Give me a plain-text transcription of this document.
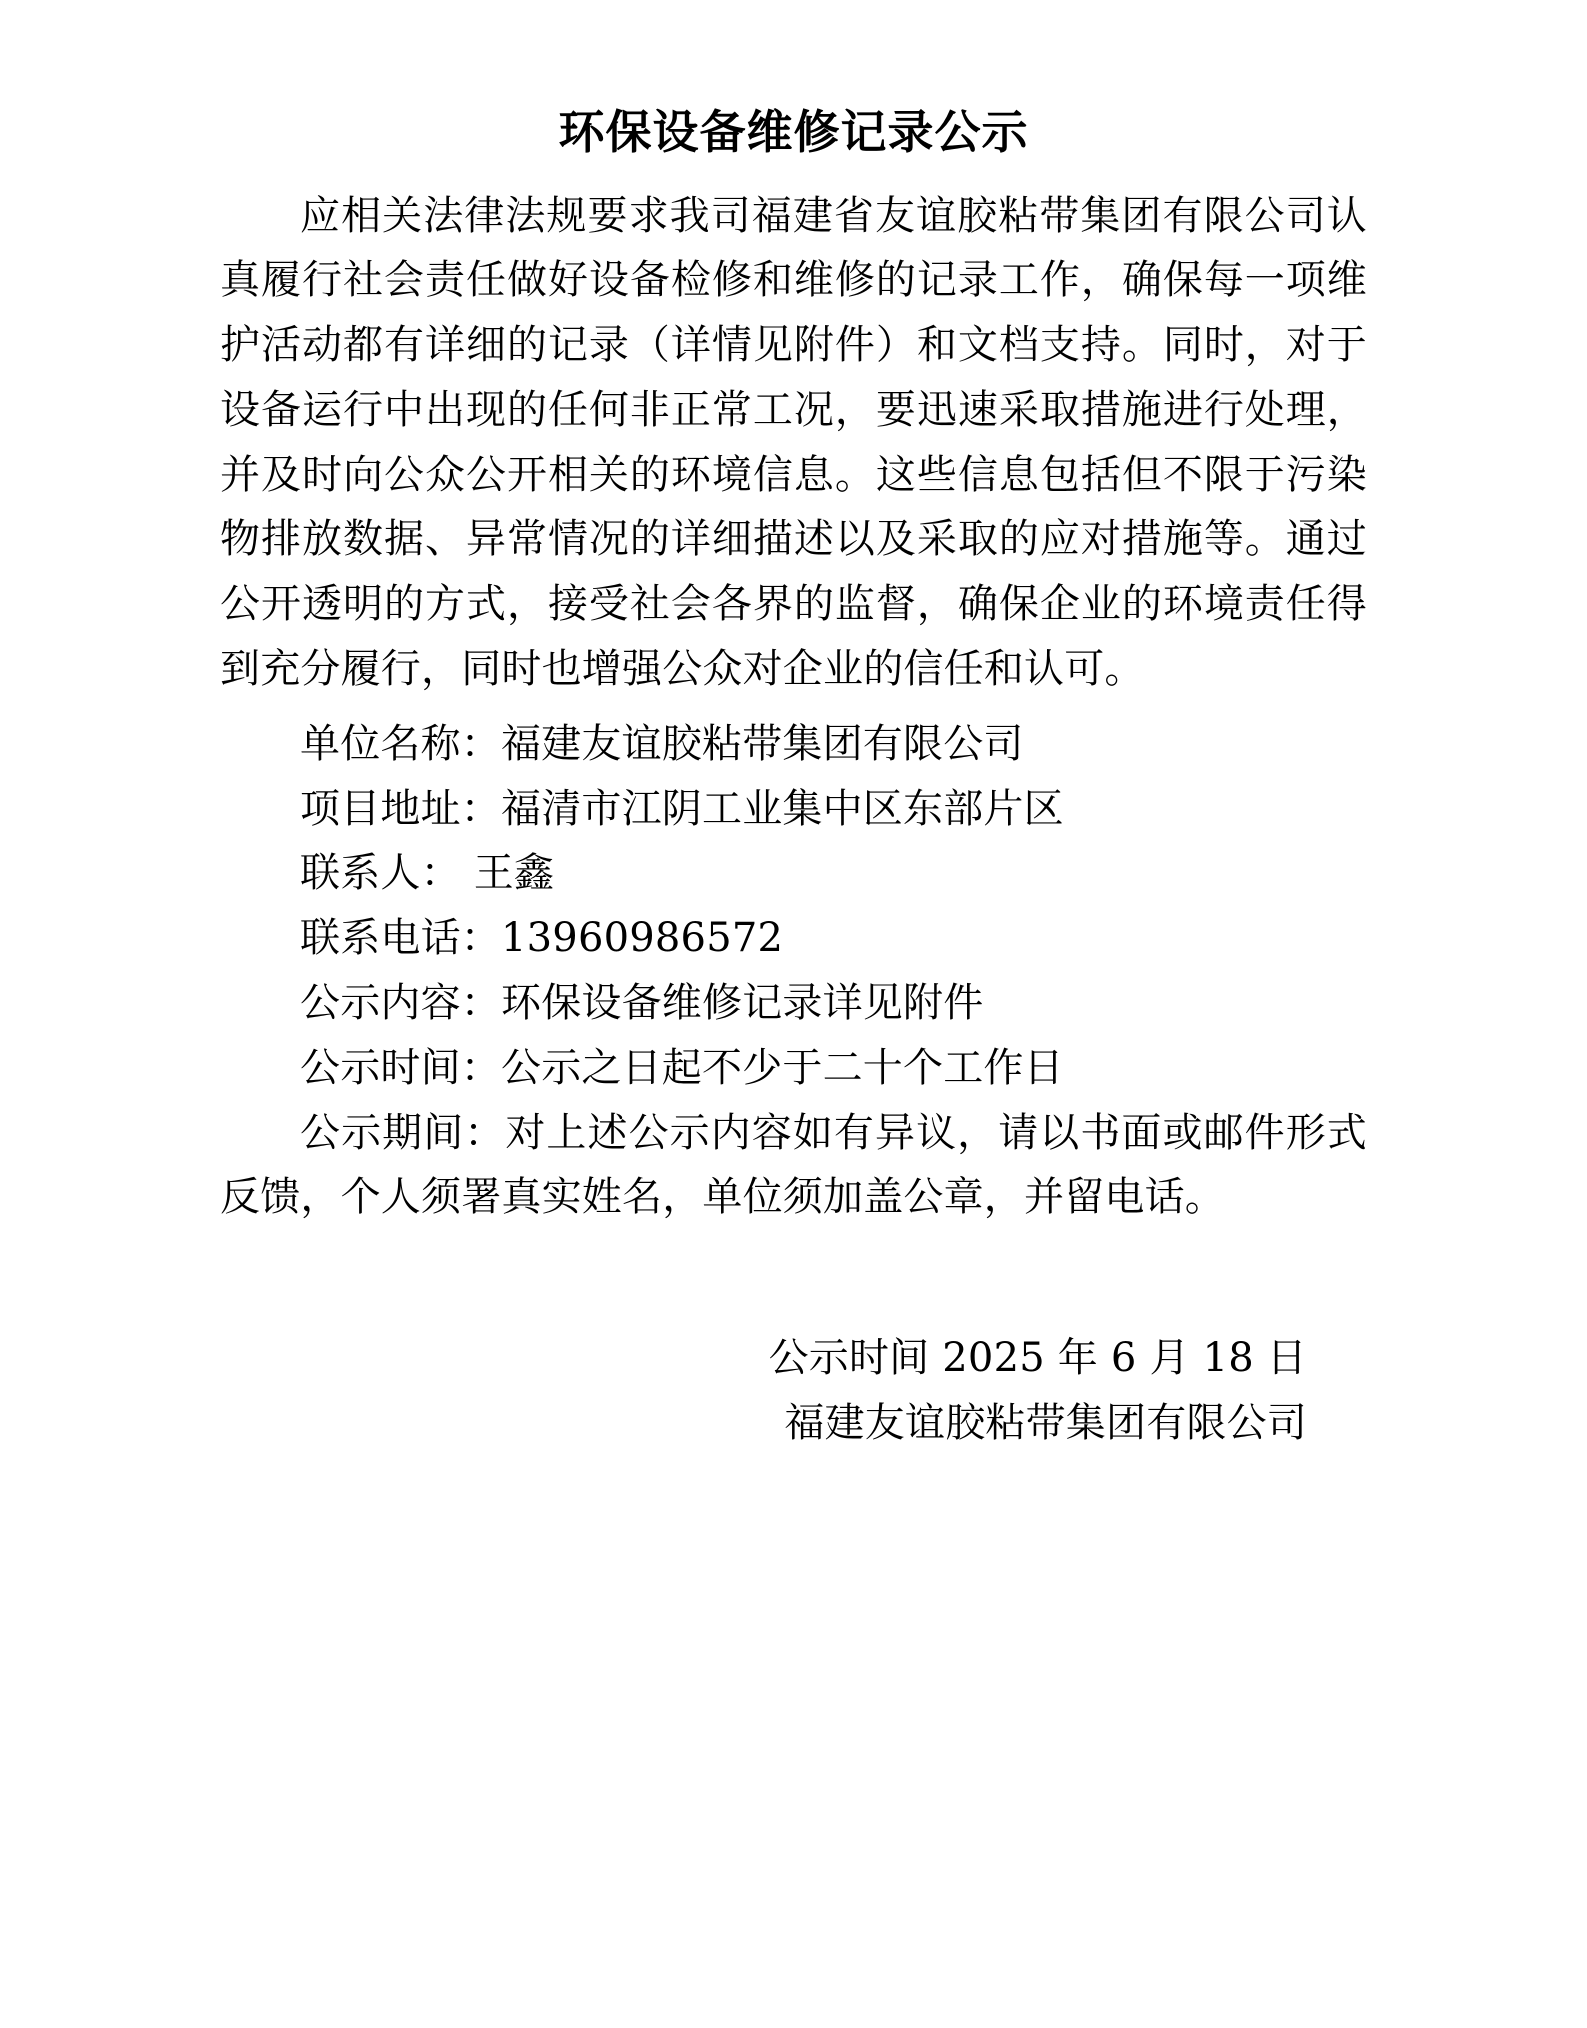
环保设备维修记录公示

应相关法律法规要求我司福建省友谊胶粘带集团有限公司认真履行社会责任做好设备检修和维修的记录工作，确保每一项维护活动都有详细的记录（详情见附件）和文档支持。同时，对于设备运行中出现的任何非正常工况，要迅速采取措施进行处理，并及时向公众公开相关的环境信息。这些信息包括但不限于污染物排放数据、异常情况的详细描述以及采取的应对措施等。通过公开透明的方式，接受社会各界的监督，确保企业的环境责任得到充分履行，同时也增强公众对企业的信任和认可。

单位名称：福建友谊胶粘带集团有限公司

项目地址：福清市江阴工业集中区东部片区

联系人： 王鑫

联系电话：13960986572

公示内容：环保设备维修记录详见附件

公示时间：公示之日起不少于二十个工作日

公示期间：对上述公示内容如有异议，请以书面或邮件形式反馈，个人须署真实姓名，单位须加盖公章，并留电话。

公示时间 2025 年 6 月 18 日

福建友谊胶粘带集团有限公司
